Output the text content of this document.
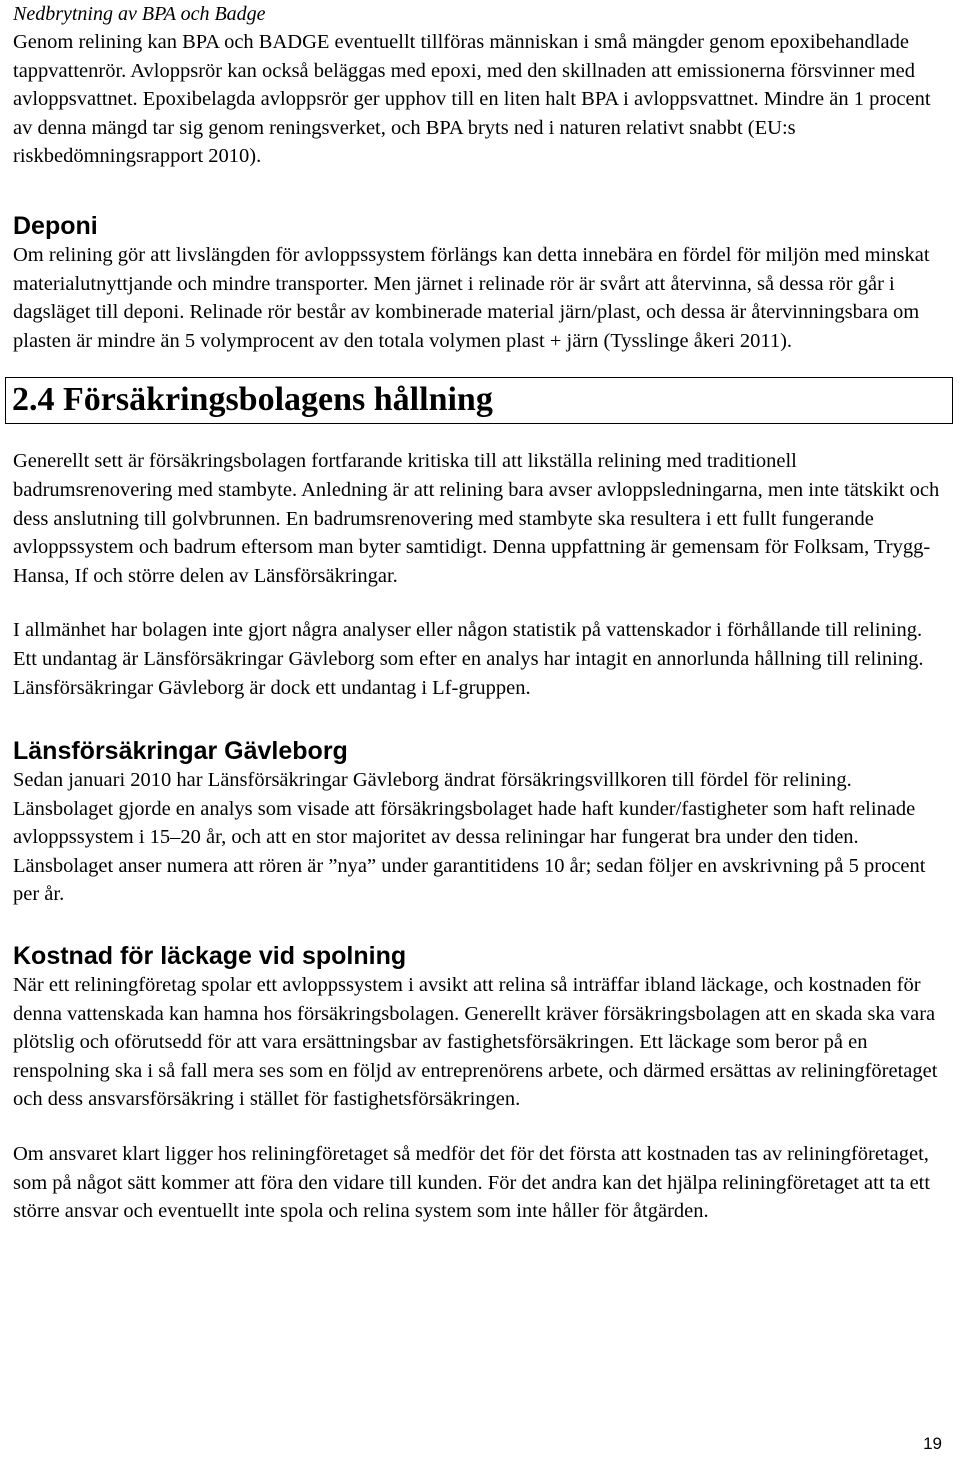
Nedbrytning av BPA och Badge

Genom relining kan BPA och BADGE eventuellt tillföras människan i små mängder genom epoxibehandlade tappvattenrör. Avloppsrör kan också beläggas med epoxi, med den skillnaden att emissionerna försvinner med avloppsvattnet. Epoxibelagda avloppsrör ger upphov till en liten halt BPA i avloppsvattnet. Mindre än 1 procent av denna mängd tar sig genom reningsverket, och BPA bryts ned i naturen relativt snabbt (EU:s riskbedömningsrapport 2010).

Deponi

Om relining gör att livslängden för avloppssystem förlängs kan detta innebära en fördel för miljön med minskat materialutnyttjande och mindre transporter. Men järnet i relinade rör är svårt att återvinna, så dessa rör går i dagsläget till deponi. Relinade rör består av kombinerade material järn/plast, och dessa är återvinningsbara om plasten är mindre än 5 volymprocent av den totala volymen plast + järn (Tysslinge åkeri 2011).

2.4 Försäkringsbolagens hållning

Generellt sett är försäkringsbolagen fortfarande kritiska till att likställa relining med traditionell badrumsrenovering med stambyte. Anledning är att relining bara avser avloppsledningarna, men inte tätskikt och dess anslutning till golvbrunnen. En badrumsrenovering med stambyte ska resultera i ett fullt fungerande avloppssystem och badrum eftersom man byter samtidigt. Denna uppfattning är gemensam för Folksam, Trygg-Hansa, If och större delen av Länsförsäkringar.

I allmänhet har bolagen inte gjort några analyser eller någon statistik på vattenskador i förhållande till relining. Ett undantag är Länsförsäkringar Gävleborg som efter en analys har intagit en annorlunda hållning till relining. Länsförsäkringar Gävleborg är dock ett undantag i Lf-gruppen.

Länsförsäkringar Gävleborg

Sedan januari 2010 har Länsförsäkringar Gävleborg ändrat försäkringsvillkoren till fördel för relining. Länsbolaget gjorde en analys som visade att försäkringsbolaget hade haft kunder/fastigheter som haft relinade avloppssystem i 15–20 år, och att en stor majoritet av dessa reliningar har fungerat bra under den tiden. Länsbolaget anser numera att rören är ”nya” under garantitidens 10 år; sedan följer en avskrivning på 5 procent per år.

Kostnad för läckage vid spolning

När ett reliningföretag spolar ett avloppssystem i avsikt att relina så inträffar ibland läckage, och kostnaden för denna vattenskada kan hamna hos försäkringsbolagen. Generellt kräver försäkringsbolagen att en skada ska vara plötslig och oförutsedd för att vara ersättningsbar av fastighetsförsäkringen. Ett läckage som beror på en renspolning ska i så fall mera ses som en följd av entreprenörens arbete, och därmed ersättas av reliningföretaget och dess ansvarsförsäkring i stället för fastighetsförsäkringen.

Om ansvaret klart ligger hos reliningföretaget så medför det för det första att kostnaden tas av reliningföretaget, som på något sätt kommer att föra den vidare till kunden. För det andra kan det hjälpa reliningföretaget att ta ett större ansvar och eventuellt inte spola och relina system som inte håller för åtgärden.

19
